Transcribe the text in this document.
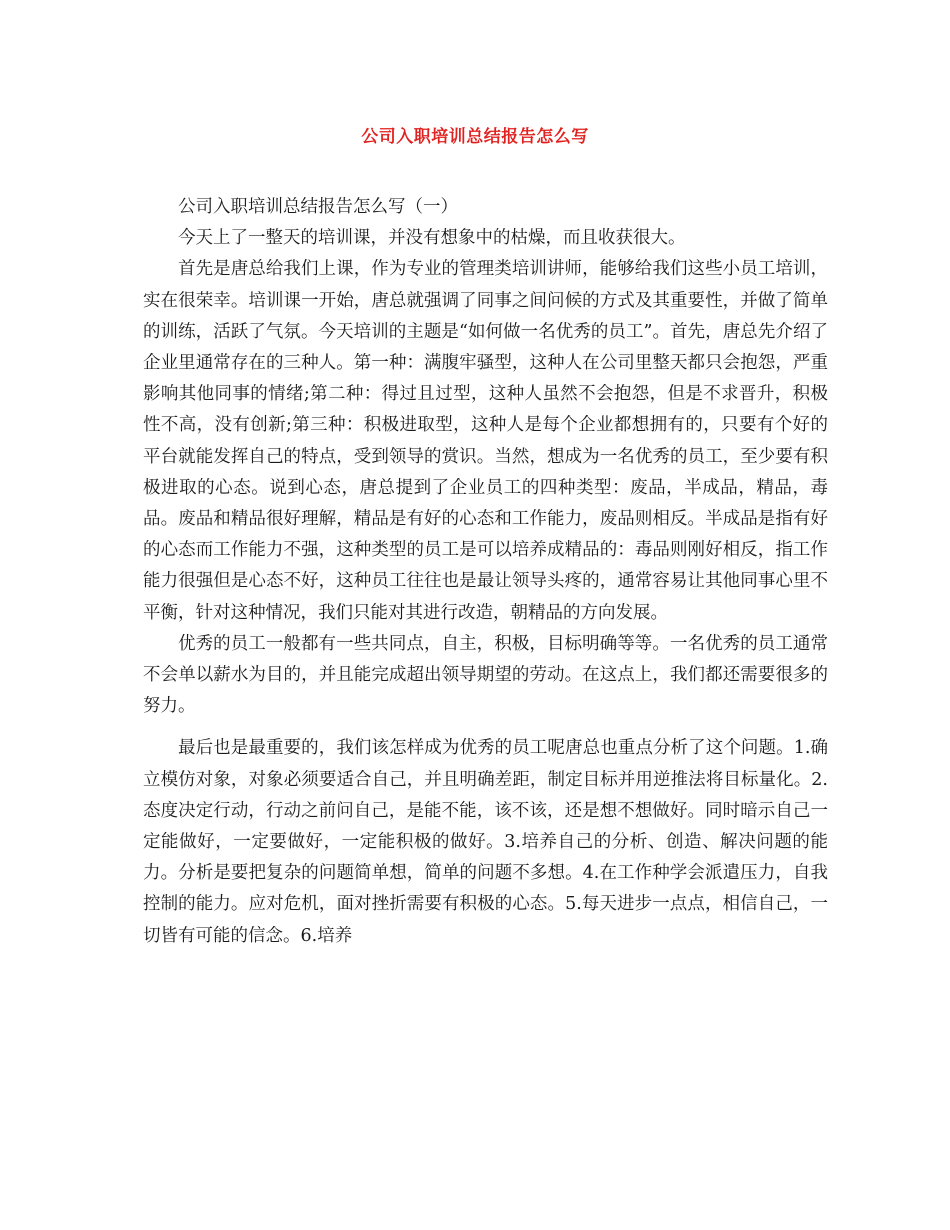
公司入职培训总结报告怎么写

公司入职培训总结报告怎么写（一）

今天上了一整天的培训课，并没有想象中的枯燥，而且收获很大。

首先是唐总给我们上课，作为专业的管理类培训讲师，能够给我们这些小员工培训，实在很荣幸。培训课一开始，唐总就强调了同事之间问候的方式及其重要性，并做了简单的训练，活跃了气氛。今天培训的主题是“如何做一名优秀的员工”。首先，唐总先介绍了企业里通常存在的三种人。第一种：满腹牢骚型，这种人在公司里整天都只会抱怨，严重影响其他同事的情绪;第二种：得过且过型，这种人虽然不会抱怨，但是不求晋升，积极性不高，没有创新;第三种：积极进取型，这种人是每个企业都想拥有的，只要有个好的平台就能发挥自己的特点，受到领导的赏识。当然，想成为一名优秀的员工，至少要有积极进取的心态。说到心态，唐总提到了企业员工的四种类型：废品，半成品，精品，毒品。废品和精品很好理解，精品是有好的心态和工作能力，废品则相反。半成品是指有好的心态而工作能力不强，这种类型的员工是可以培养成精品的：毒品则刚好相反，指工作能力很强但是心态不好，这种员工往往也是最让领导头疼的，通常容易让其他同事心里不平衡，针对这种情况，我们只能对其进行改造，朝精品的方向发展。

优秀的员工一般都有一些共同点，自主，积极，目标明确等等。一名优秀的员工通常不会单以薪水为目的，并且能完成超出领导期望的劳动。在这点上，我们都还需要很多的努力。

最后也是最重要的，我们该怎样成为优秀的员工呢唐总也重点分析了这个问题。1.确立模仿对象，对象必须要适合自己，并且明确差距，制定目标并用逆推法将目标量化。2.态度决定行动，行动之前问自己，是能不能，该不该，还是想不想做好。同时暗示自己一定能做好，一定要做好，一定能积极的做好。3.培养自己的分析、创造、解决问题的能力。分析是要把复杂的问题简单想，简单的问题不多想。4.在工作种学会派遣压力，自我控制的能力。应对危机，面对挫折需要有积极的心态。5.每天进步一点点，相信自己，一切皆有可能的信念。6.培养
